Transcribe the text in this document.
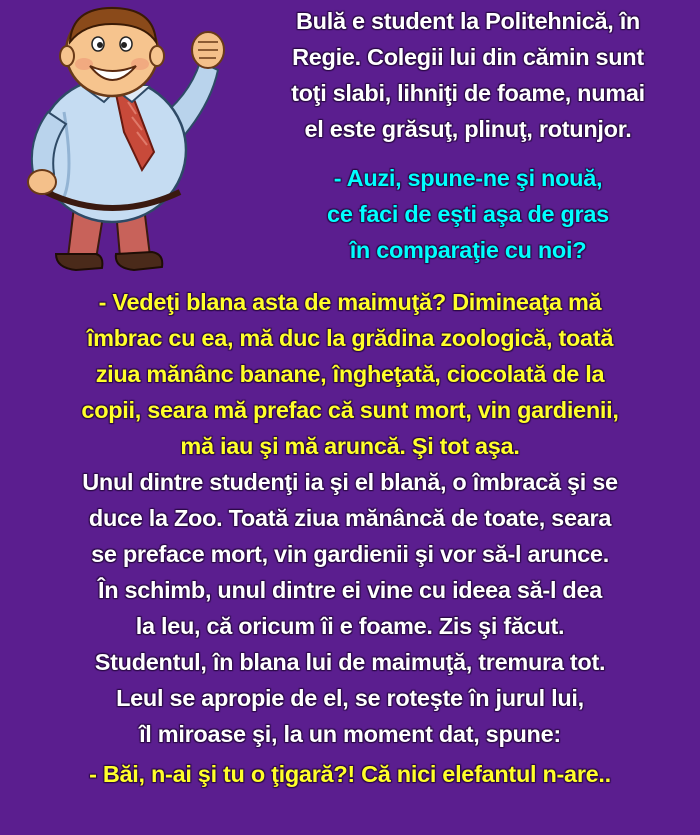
Bulă e student la Politehnică, în
Regie. Colegii lui din cămin sunt
toţi slabi, lihniţi de foame, numai
el este grăsuţ, plinuţ, rotunjor.
- Auzi, spune-ne şi nouă,
ce faci de eşti aşa de gras
în comparaţie cu noi?
- Vedeţi blana asta de maimuţă? Dimineaţa mă
îmbrac cu ea, mă duc la grădina zoologică, toată
ziua mănânc banane, îngheţată, ciocolată de la
copii, seara mă prefac că sunt mort, vin gardienii,
mă iau şi mă aruncă. Şi tot aşa.
Unul dintre studenţi ia şi el blană, o îmbracă şi se
duce la Zoo. Toată ziua mănâncă de toate, seara
se preface mort, vin gardienii şi vor să-l arunce.
În schimb, unul dintre ei vine cu ideea să-l dea
la leu, că oricum îi e foame. Zis şi făcut.
Studentul, în blana lui de maimuţă, tremura tot.
Leul se apropie de el, se roteşte în jurul lui,
îl miroase şi, la un moment dat, spune:
- Băi, n-ai şi tu o ţigară?! Că nici elefantul n-are..
